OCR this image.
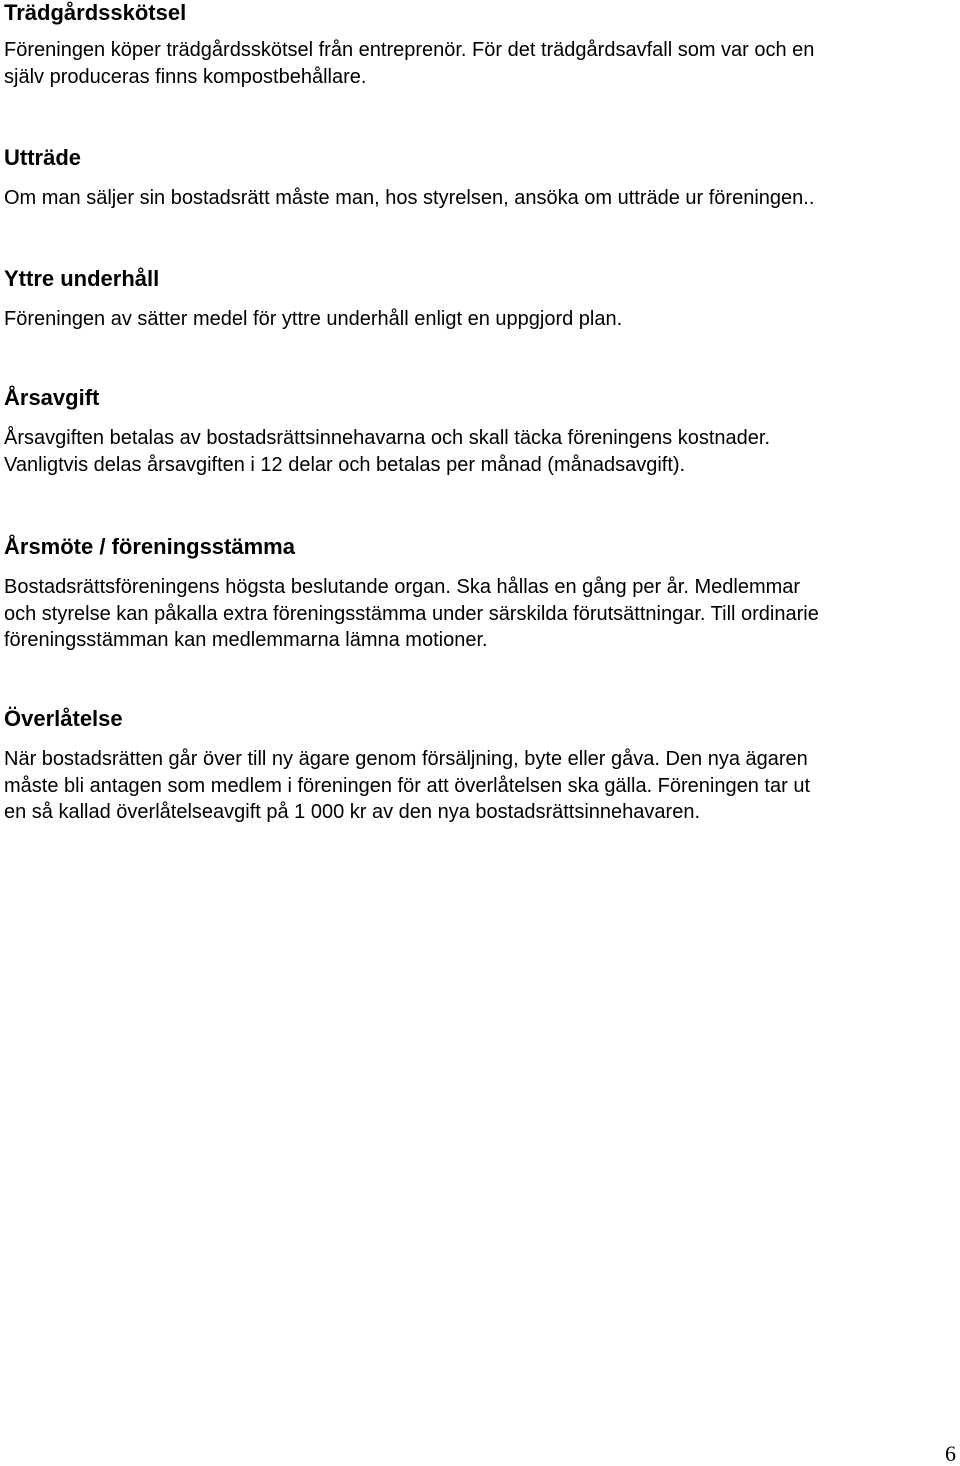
Trädgårdsskötsel

Föreningen köper trädgårdsskötsel från entreprenör. För det trädgårdsavfall som var och en
själv produceras finns kompostbehållare.

Utträde

Om man säljer sin bostadsrätt måste man, hos styrelsen, ansöka om utträde ur föreningen..

Yttre underhåll

Föreningen av sätter medel för yttre underhåll enligt en uppgjord plan.

Årsavgift

Årsavgiften betalas av bostadsrättsinnehavarna och skall täcka föreningens kostnader.
Vanligtvis delas årsavgiften i 12 delar och betalas per månad (månadsavgift).

Årsmöte / föreningsstämma

Bostadsrättsföreningens högsta beslutande organ. Ska hållas en gång per år. Medlemmar
och styrelse kan påkalla extra föreningsstämma under särskilda förutsättningar. Till ordinarie
föreningsstämman kan medlemmarna lämna motioner.

Överlåtelse

När bostadsrätten går över till ny ägare genom försäljning, byte eller gåva. Den nya ägaren
måste bli antagen som medlem i föreningen för att överlåtelsen ska gälla. Föreningen tar ut
en så kallad överlåtelseavgift på 1 000 kr av den nya bostadsrättsinnehavaren.

6
